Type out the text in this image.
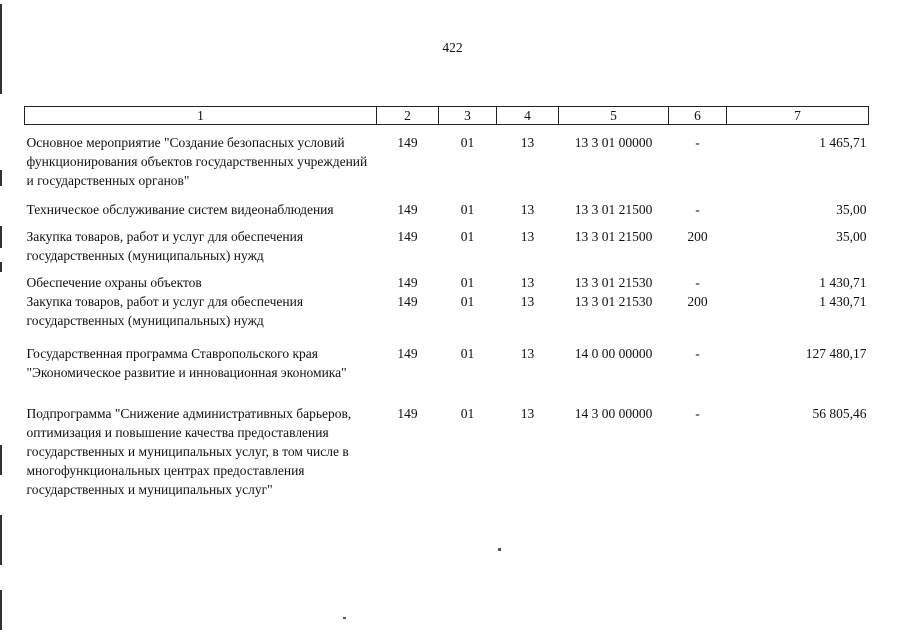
422
1	2	3	4	5	6	7
Основное мероприятие "Создание безопасных условий функционирования объектов государственных учреждений и государственных органов"	149	01	13	13 3 01 00000	-	1 465,71
Техническое обслуживание систем видеонаблюдения	149	01	13	13 3 01 21500	-	35,00
Закупка товаров, работ и услуг для обеспечения государственных (муниципальных) нужд	149	01	13	13 3 01 21500	200	35,00
Обеспечение охраны объектов	149	01	13	13 3 01 21530	-	1 430,71
Закупка товаров, работ и услуг для обеспечения государственных (муниципальных) нужд	149	01	13	13 3 01 21530	200	1 430,71
Государственная программа Ставропольского края "Экономическое развитие и инновационная экономика"	149	01	13	14 0 00 00000	-	127 480,17
Подпрограмма "Снижение административных барьеров, оптимизация и повышение качества предоставления государственных и муниципальных услуг, в том числе в многофункциональных центрах предоставления государственных и муниципальных услуг"	149	01	13	14 3 00 00000	-	56 805,46
